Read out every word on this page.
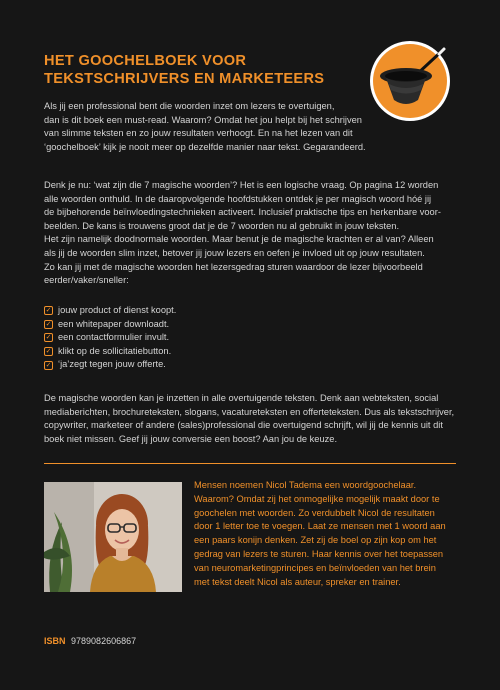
HET GOOCHELBOEK VOOR
TEKSTSCHRIJVERS EN MARKETEERS
Als jij een professional bent die woorden inzet om lezers te overtuigen,
dan is dit boek een must-read. Waarom? Omdat het jou helpt bij het schrijven
van slimme teksten en zo jouw resultaten verhoogt. En na het lezen van dit
‘goochelboek’ kijk je nooit meer op dezelfde manier naar tekst. Gegarandeerd.
Denk je nu: ‘wat zijn die 7 magische woorden’? Het is een logische vraag. Op pagina 12 worden
alle woorden onthuld. In de daaropvolgende hoofdstukken ontdek je per magisch woord hóé jij
de bijbehorende beïnvloedingstechnieken activeert. Inclusief praktische tips en herkenbare voor-
beelden. De kans is trouwens groot dat je de 7 woorden nu al gebruikt in jouw teksten.
Het zijn namelijk doodnormale woorden. Maar benut je de magische krachten er al van? Alleen
als jij de woorden slim inzet, betover jij jouw lezers en oefen je invloed uit op jouw resultaten.
Zo kan jij met de magische woorden het lezersgedrag sturen waardoor de lezer bijvoorbeeld
eerder/vaker/sneller:
✓ jouw product of dienst koopt.
✓ een whitepaper downloadt.
✓ een contactformulier invult.
✓ klikt op de sollicitatiebutton.
✓ ‘ja’zegt tegen jouw offerte.
De magische woorden kan je inzetten in alle overtuigende teksten. Denk aan webteksten, social
mediaberichten, brochureteksten, slogans, vacatureteksten en offerteteksten. Dus als tekstschrijver,
copywriter, marketeer of andere (sales)professional die overtuigend schrijft, wil jij de kennis uit dit
boek niet missen. Geef jij jouw conversie een boost? Aan jou de keuze.
Mensen noemen Nicol Tadema een woordgoochelaar.
Waarom? Omdat zij het onmogelijke mogelijk maakt door te
goochelen met woorden. Zo verdubbelt Nicol de resultaten
door 1 letter toe te voegen. Laat ze mensen met 1 woord aan
een paars konijn denken. Zet zij de boel op zijn kop om het
gedrag van lezers te sturen. Haar kennis over het toepassen
van neuromarketingprincipes en beïnvloeden van het brein
met tekst deelt Nicol als auteur, spreker en trainer.
ISBN 9789082606867
